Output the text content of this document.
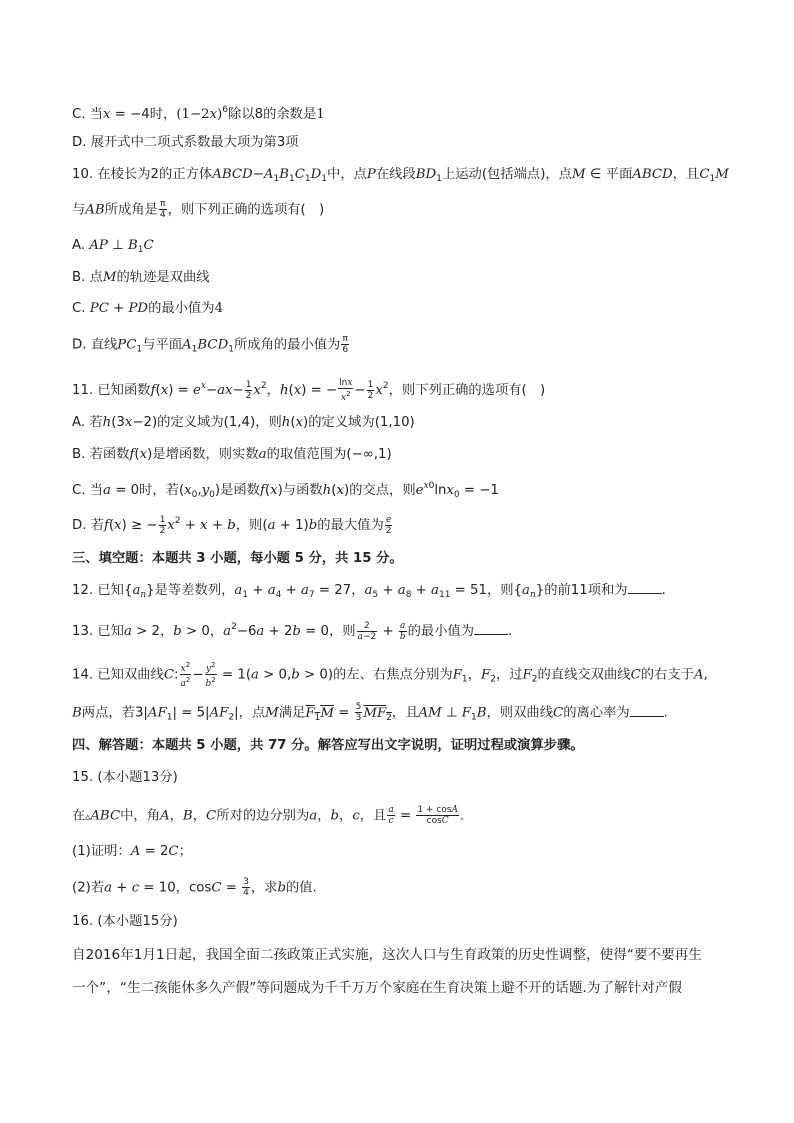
C. 当x = −4时，$(1-2x)^6$除以8的余数是1
D. 展开式中二项式系数最大项为第3项
10. 在棱长为2的正方体$ABCD-A_1B_1C_1D_1$中，点P在线段$BD_1$上运动(包括端点)，点M ∈ 平面ABCD，且$C_1M$
与AB所成角是 $\frac{\pi}{4}$ ，则下列正确的选项有(　)
A. AP ⊥ $B_1C$
B. 点M的轨迹是双曲线
C. PC + PD的最小值为4
D. 直线$PC_1$与平面$A_1BCD_1$所成角的最小值为 $\frac{\pi}{6}$
11. 已知函数$f(x) = e^x-ax- \frac{1}{2} x^2$，h(x) = − $\frac{\ln x}{x^2} - \frac{1}{2} x^2$，则下列正确的选项有(　)
A. 若h(3x−2)的定义域为(1,4)，则h(x)的定义域为(1,10)
B. 若函数f(x)是增函数，则实数a的取值范围为(−∞,1)
C. 当a = 0时，若$(x_0,y_0)$是函数f(x)与函数h(x)的交点，则$e^{x0}\ln x_0 = -1$
D. 若f(x) ≥ − $\frac{1}{2} x^2 + x + b$，则(a + 1)b的最大值为 $\frac{e}{2}$
三、填空题：本题共 3 小题，每小题 5 分，共 15 分。
12. 已知$\{a_n\}$是等差数列，$a_1 + a_4 + a_7 = 27$，$a_5 + a_8 + a_{11} = 51$，则$\{a_n\}$的前11项和为	.
13. 已知a > 2，b > 0，$a^2-6a + 2b = 0$，则 $\frac{2}{a-2} + \frac{a}{b}$ 的最小值为	.
14. 已知双曲线C: $\frac{x^2}{a^2} - \frac{y^2}{b^2} = 1(a > 0,b > 0)$的左、右焦点分别为$F_1$，$F_2$，过$F_2$的直线交双曲线C的右支于A,
B两点，若$3|AF_1| = 5|AF_2|$，点M满足$F_1M = \frac{5}{3} MF_2$，且AM ⊥ $F_1B$，则双曲线C的离心率为	.
四、解答题：本题共 5 小题，共 77 分。解答应写出文字说明，证明过程或演算步骤。
15. (本小题13分)
在▵ABC中，角A，B，C所对的边分别为a，b，c，且 $\frac{a}{c} = \frac{1 + \cos A}{\cos C}$ .
(1)证明：A = 2C；
(2)若a + c = 10，$\cos C = \frac{3}{4}$ ，求b的值.
16. (本小题15分)
自2016年1月1日起，我国全面二孩政策正式实施，这次人口与生育政策的历史性调整，使得“要不要再生
一个”，“生二孩能休多久产假”等问题成为千千万万个家庭在生育决策上避不开的话题.为了解针对产假
